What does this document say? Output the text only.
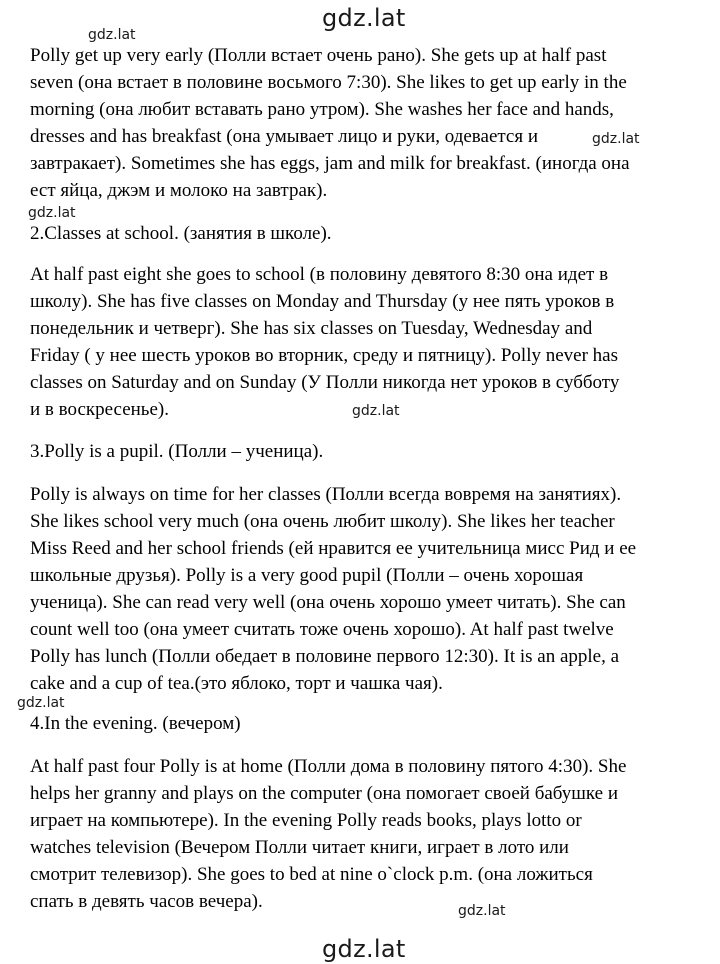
gdz.lat
gdz.lat
gdz.lat
gdz.lat
gdz.lat
gdz.lat
gdz.lat
gdz.lat
Polly get up very early (Полли встает очень рано). She gets up at half past
seven (она встает в половине восьмого 7:30). She likes to get up early in the
morning (она любит вставать рано утром). She washes her face and hands,
dresses and has breakfast (она умывает лицо и руки, одевается и
завтракает). Sometimes she has eggs, jam and milk for breakfast. (иногда она
ест яйца, джэм и молоко на завтрак).
2.Classes at school. (занятия в школе).
At half past eight she goes to school (в половину девятого 8:30 она идет в
школу). She has five classes on Monday and Thursday (у нее пять уроков в
понедельник и четверг). She has six classes on Tuesday, Wednesday and
Friday ( у нее шесть уроков во вторник, среду и пятницу). Polly never has
classes on Saturday and on Sunday (У Полли никогда нет уроков в субботу
и в воскресенье).
3.Polly is a pupil. (Полли – ученица).
Polly is always on time for her classes (Полли всегда вовремя на занятиях).
She likes school very much (она очень любит школу). She likes her teacher
Miss Reed and her school friends (ей нравится ее учительница мисс Рид и ее
школьные друзья). Polly is a very good pupil (Полли – очень хорошая
ученица). She can read very well (она очень хорошо умеет читать). She can
count well too (она умеет считать тоже очень хорошо). At half past twelve
Polly has lunch (Полли обедает в половине первого 12:30). It is an apple, a
cake and a cup of tea.(это яблоко, торт и чашка чая).
4.In the evening. (вечером)
At half past four Polly is at home (Полли дома в половину пятого 4:30). She
helps her granny and plays on the computer (она помогает своей бабушке и
играет на компьютере). In the evening Polly reads books, plays lotto or
watches television (Вечером Полли читает книги, играет в лото или
смотрит телевизор). She goes to bed at nine o`clock p.m. (она ложиться
спать в девять часов вечера).
